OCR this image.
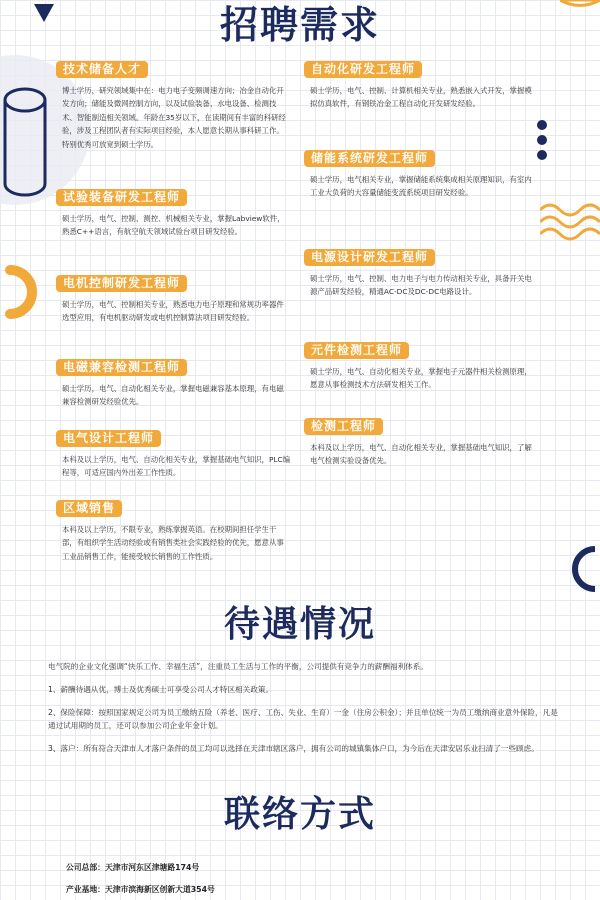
招聘需求
待遇情况
联络方式
技术储备人才

博士学历，研究领域集中在：电力电子变频调速方向；冶金自动化开发方向；储能及微网控制方向，以及试验装备、水电设备、检测技术、智能制造相关领域。年龄在35岁以下，在读期间有丰富的科研经验，涉及工程团队者有实际项目经验，本人愿意长期从事科研工作。特别优秀可放宽到硕士学历。

试验装备研发工程师

硕士学历，电气、控制、测控、机械相关专业，掌握Labview软件，熟悉C++语言，有航空航天领域试验台项目研发经验。

电机控制研发工程师

硕士学历，电气、控制相关专业，熟悉电力电子原理和常规功率器件选型应用，有电机驱动研发或电机控制算法项目研发经验。

电磁兼容检测工程师

硕士学历，电气、自动化相关专业，掌握电磁兼容基本原理，有电磁兼容检测研发经验优先。

电气设计工程师

本科及以上学历，电气、自动化相关专业，掌握基础电气知识，PLC编程等，可适应国内外出差工作性质。

区域销售

本科及以上学历，不限专业，熟练掌握英语。在校期间担任学生干部，有组织学生活动经验或有销售类社会实践经验的优先，愿意从事工业品销售工作，能接受较长销售的工作性质。

自动化研发工程师

硕士学历，电气、控制、计算机相关专业，熟悉嵌入式开发，掌握模拟仿真软件，有钢铁冶金工程自动化开发研发经验。

储能系统研发工程师

硕士学历，电气相关专业，掌握储能系统集成相关原理知识，有室内工业大负荷的大容量储能变流系统项目研发经验。

电源设计研发工程师

硕士学历，电气、控制、电力电子与电力传动相关专业，具备开关电源产品研发经验，精通AC-DC及DC-DC电路设计。

元件检测工程师

硕士学历，电气、自动化相关专业，掌握电子元器件相关检测原理，愿意从事检测技术方法研发相关工作。

检测工程师

本科及以上学历，电气、自动化相关专业，掌握基础电气知识，了解电气检测实验设备优先。

电气院的企业文化强调“快乐工作、幸福生活”，注重员工生活与工作的平衡，公司提供有竞争力的薪酬福利体系。

1、薪酬待遇从优，博士及优秀硕士可享受公司人才特区相关政策。

2、保险保障：按照国家规定公司为员工缴纳五险（养老、医疗、工伤、失业、生育）一金（住房公积金）；并且单位统一为员工缴纳商业意外保险，凡是通过试用期的员工，还可以参加公司企业年金计划。

3、落户：所有符合天津市人才落户条件的员工均可以选择在天津市辖区落户，拥有公司的城镇集体户口，为今后在天津安居乐业扫清了一些顾虑。

公司总部：天津市河东区津塘路174号
产业基地：天津市滨海新区创新大道354号
